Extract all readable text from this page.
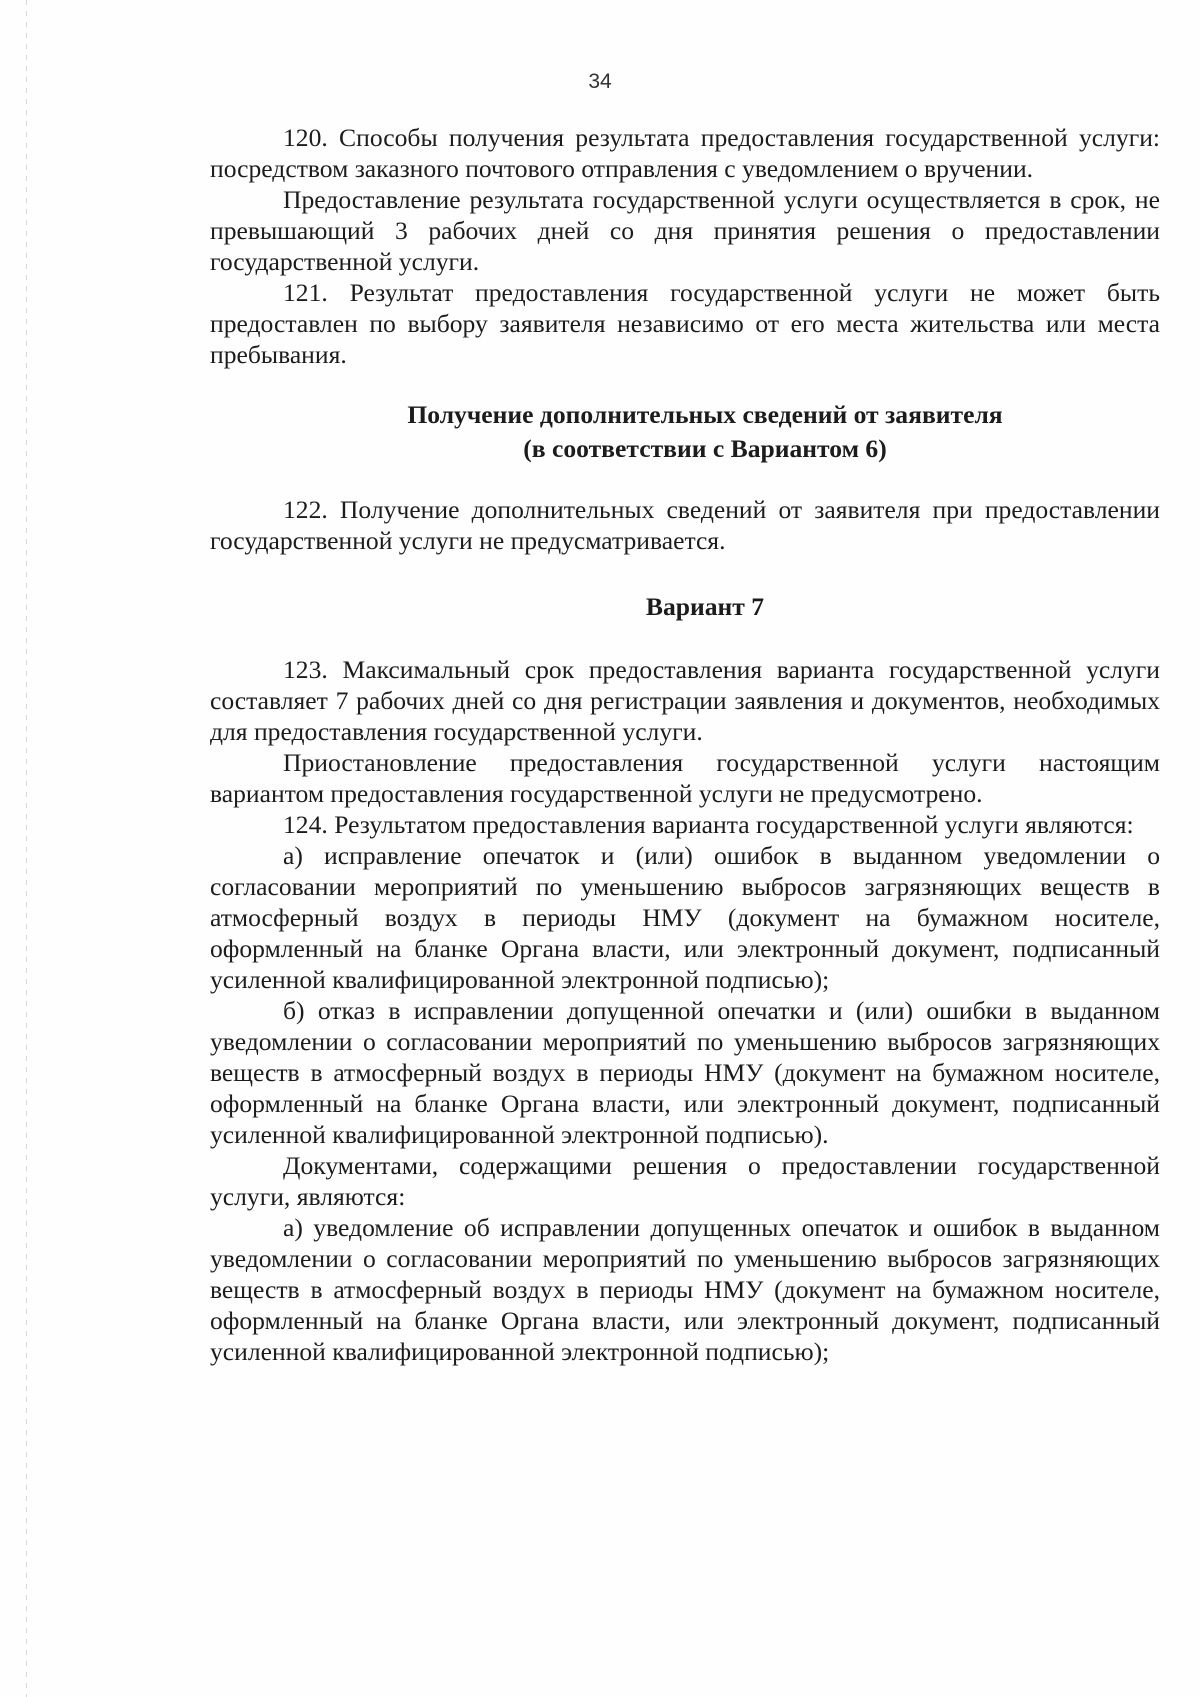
34

120. Способы получения результата предоставления государственной услуги: посредством заказного почтового отправления с уведомлением о вручении.

Предоставление результата государственной услуги осуществляется в срок, не превышающий 3 рабочих дней со дня принятия решения о предоставлении государственной услуги.

121. Результат предоставления государственной услуги не может быть предоставлен по выбору заявителя независимо от его места жительства или места пребывания.

Получение дополнительных сведений от заявителя
(в соответствии с Вариантом 6)

122. Получение дополнительных сведений от заявителя при предоставлении государственной услуги не предусматривается.

Вариант 7

123. Максимальный срок предоставления варианта государственной услуги составляет 7 рабочих дней со дня регистрации заявления и документов, необходимых для предоставления государственной услуги.

Приостановление предоставления государственной услуги настоящим вариантом предоставления государственной услуги не предусмотрено.

124. Результатом предоставления варианта государственной услуги являются:

а) исправление опечаток и (или) ошибок в выданном уведомлении о согласовании мероприятий по уменьшению выбросов загрязняющих веществ в атмосферный воздух в периоды НМУ (документ на бумажном носителе, оформленный на бланке Органа власти, или электронный документ, подписанный усиленной квалифицированной электронной подписью);

б) отказ в исправлении допущенной опечатки и (или) ошибки в выданном уведомлении о согласовании мероприятий по уменьшению выбросов загрязняющих веществ в атмосферный воздух в периоды НМУ (документ на бумажном носителе, оформленный на бланке Органа власти, или электронный документ, подписанный усиленной квалифицированной электронной подписью).

Документами, содержащими решения о предоставлении государственной услуги, являются:

а) уведомление об исправлении допущенных опечаток и ошибок в выданном уведомлении о согласовании мероприятий по уменьшению выбросов загрязняющих веществ в атмосферный воздух в периоды НМУ (документ на бумажном носителе, оформленный на бланке Органа власти, или электронный документ, подписанный усиленной квалифицированной электронной подписью);
